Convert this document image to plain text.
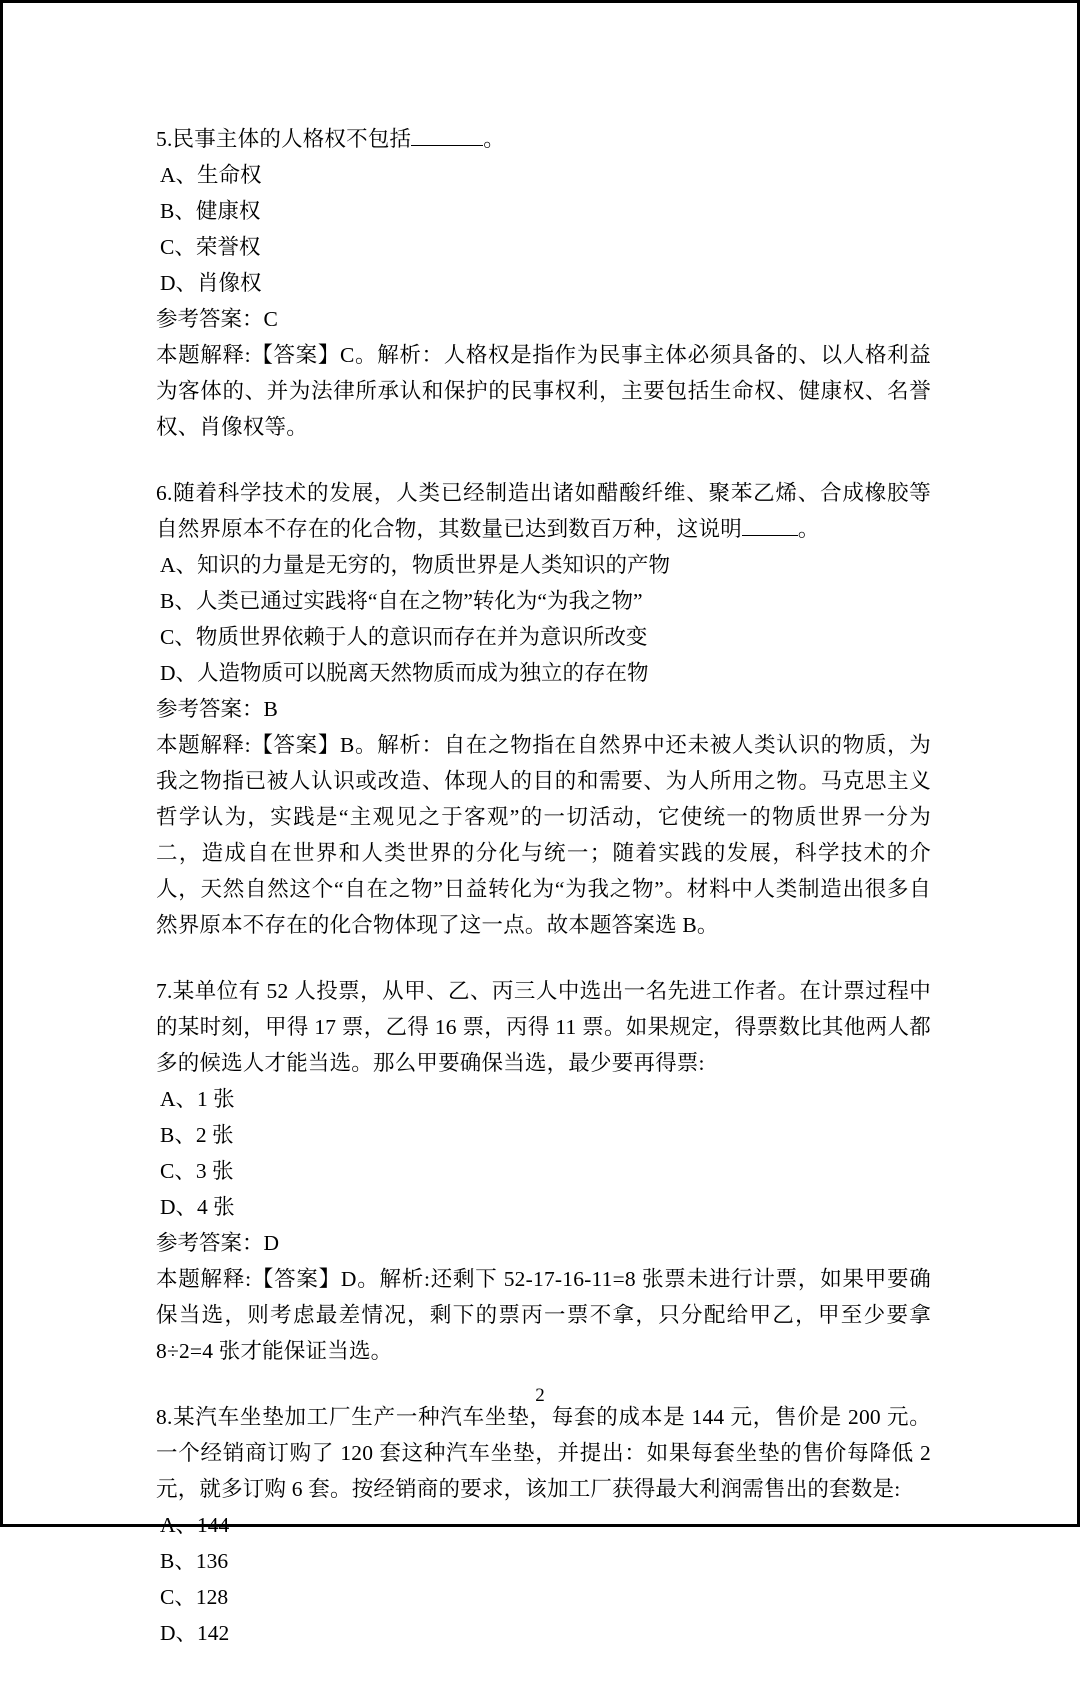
5.民事主体的人格权不包括	。
A、生命权
B、健康权
C、荣誉权
D、肖像权
参考答案：C
本题解释:【答案】C。解析：人格权是指作为民事主体必须具备的、以人格利益为客体的、并为法律所承认和保护的民事权利，主要包括生命权、健康权、名誉权、肖像权等。
6.随着科学技术的发展，人类已经制造出诸如醋酸纤维、聚苯乙烯、合成橡胶等自然界原本不存在的化合物，其数量已达到数百万种，这说明	。
A、知识的力量是无穷的，物质世界是人类知识的产物
B、人类已通过实践将“自在之物”转化为“为我之物”
C、物质世界依赖于人的意识而存在并为意识所改变
D、人造物质可以脱离天然物质而成为独立的存在物
参考答案：B
本题解释:【答案】B。解析：自在之物指在自然界中还未被人类认识的物质，为我之物指已被人认识或改造、体现人的目的和需要、为人所用之物。马克思主义哲学认为，实践是“主观见之于客观”的一切活动，它使统一的物质世界一分为二，造成自在世界和人类世界的分化与统一；随着实践的发展，科学技术的介人，天然自然这个“自在之物”日益转化为“为我之物”。材料中人类制造出很多自然界原本不存在的化合物体现了这一点。故本题答案选 B。
7.某单位有 52 人投票，从甲、乙、丙三人中选出一名先进工作者。在计票过程中的某时刻，甲得 17 票，乙得 16 票，丙得 11 票。如果规定，得票数比其他两人都多的候选人才能当选。那么甲要确保当选，最少要再得票:
A、1 张
B、2 张
C、3 张
D、4 张
参考答案：D
本题解释:【答案】D。解析:还剩下 52-17-16-11=8 张票未进行计票，如果甲要确保当选，则考虑最差情况，剩下的票丙一票不拿，只分配给甲乙，甲至少要拿 8÷2=4 张才能保证当选。
8.某汽车坐垫加工厂生产一种汽车坐垫，每套的成本是 144 元，售价是 200 元。一个经销商订购了 120 套这种汽车坐垫，并提出：如果每套坐垫的售价每降低 2 元，就多订购 6 套。按经销商的要求，该加工厂获得最大利润需售出的套数是:
A、144
B、136
C、128
D、142
2
